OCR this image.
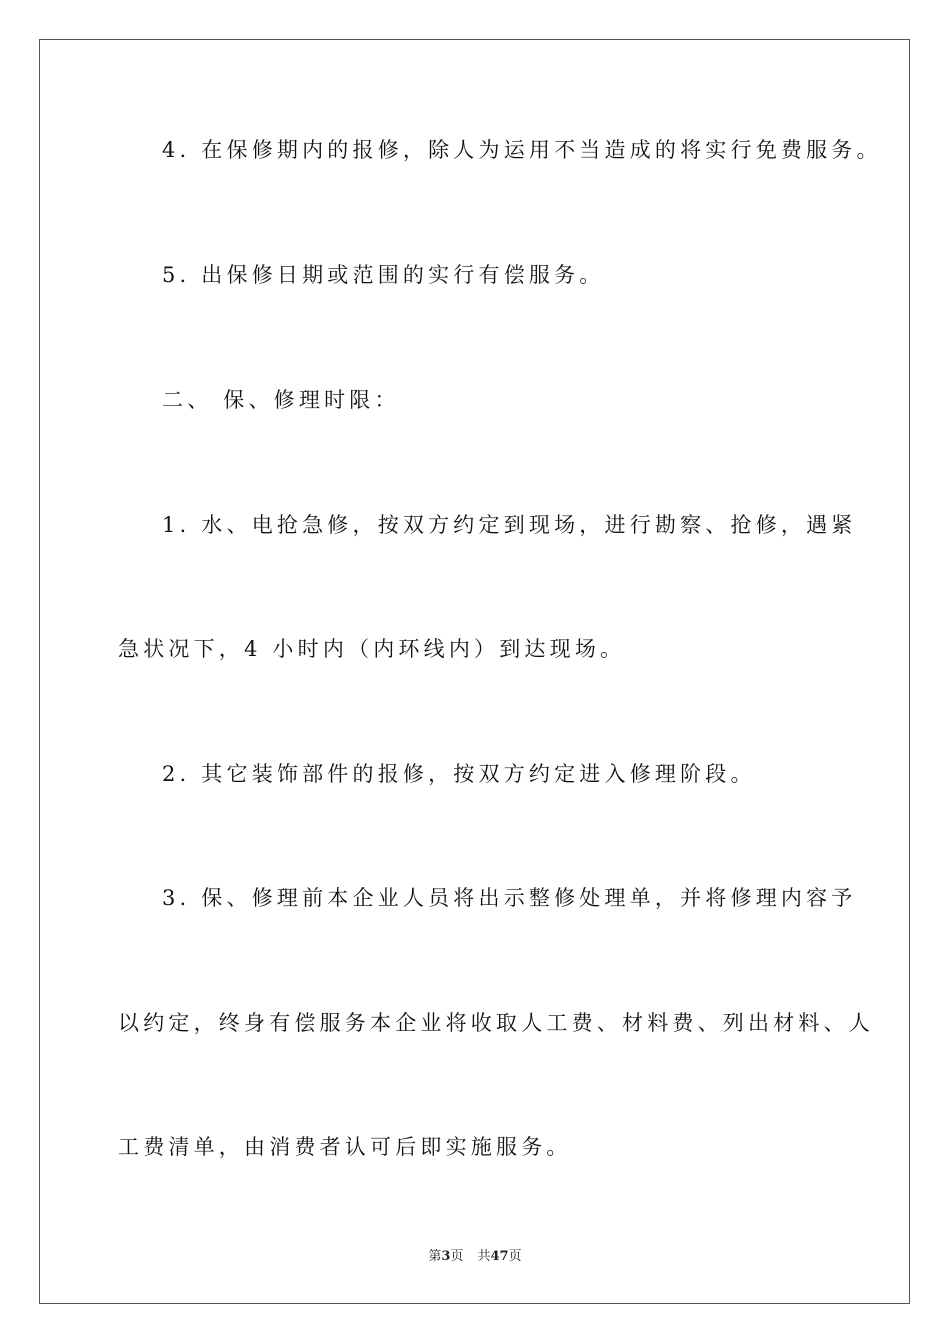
4. 在保修期内的报修，除人为运用不当造成的将实行免费服务。
5. 出保修日期或范围的实行有偿服务。
二、 保、修理时限：
1. 水、电抢急修，按双方约定到现场，进行勘察、抢修，遇紧
急状况下，4 小时内（内环线内）到达现场。
2. 其它装饰部件的报修，按双方约定进入修理阶段。
3. 保、修理前本企业人员将出示整修处理单，并将修理内容予
以约定，终身有偿服务本企业将收取人工费、材料费、列出材料、人
工费清单，由消费者认可后即实施服务。
第3页 共47页
